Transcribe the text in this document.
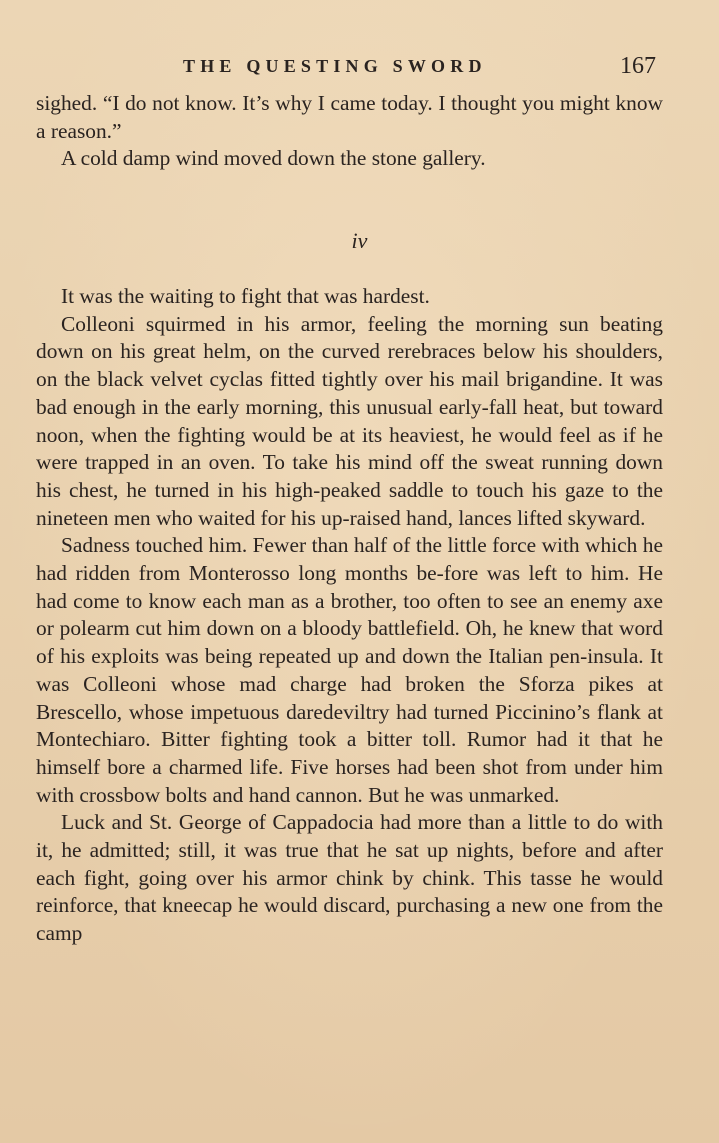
THE QUESTING SWORD	167

sighed. “I do not know. It’s why I came today. I thought you might know a reason.”

A cold damp wind moved down the stone gallery.

iv

It was the waiting to fight that was hardest.

Colleoni squirmed in his armor, feeling the morning sun beating down on his great helm, on the curved rerebraces below his shoulders, on the black velvet cyclas fitted tightly over his mail brigandine. It was bad enough in the early morning, this unusual early-fall heat, but toward noon, when the fighting would be at its heaviest, he would feel as if he were trapped in an oven. To take his mind off the sweat running down his chest, he turned in his high-peaked saddle to touch his gaze to the nineteen men who waited for his up-raised hand, lances lifted skyward.

Sadness touched him. Fewer than half of the little force with which he had ridden from Monterosso long months be-fore was left to him. He had come to know each man as a brother, too often to see an enemy axe or polearm cut him down on a bloody battlefield. Oh, he knew that word of his exploits was being repeated up and down the Italian pen-insula. It was Colleoni whose mad charge had broken the Sforza pikes at Brescello, whose impetuous daredeviltry had turned Piccinino’s flank at Montechiaro. Bitter fighting took a bitter toll. Rumor had it that he himself bore a charmed life. Five horses had been shot from under him with crossbow bolts and hand cannon. But he was unmarked.

Luck and St. George of Cappadocia had more than a little to do with it, he admitted; still, it was true that he sat up nights, before and after each fight, going over his armor chink by chink. This tasse he would reinforce, that kneecap he would discard, purchasing a new one from the camp
